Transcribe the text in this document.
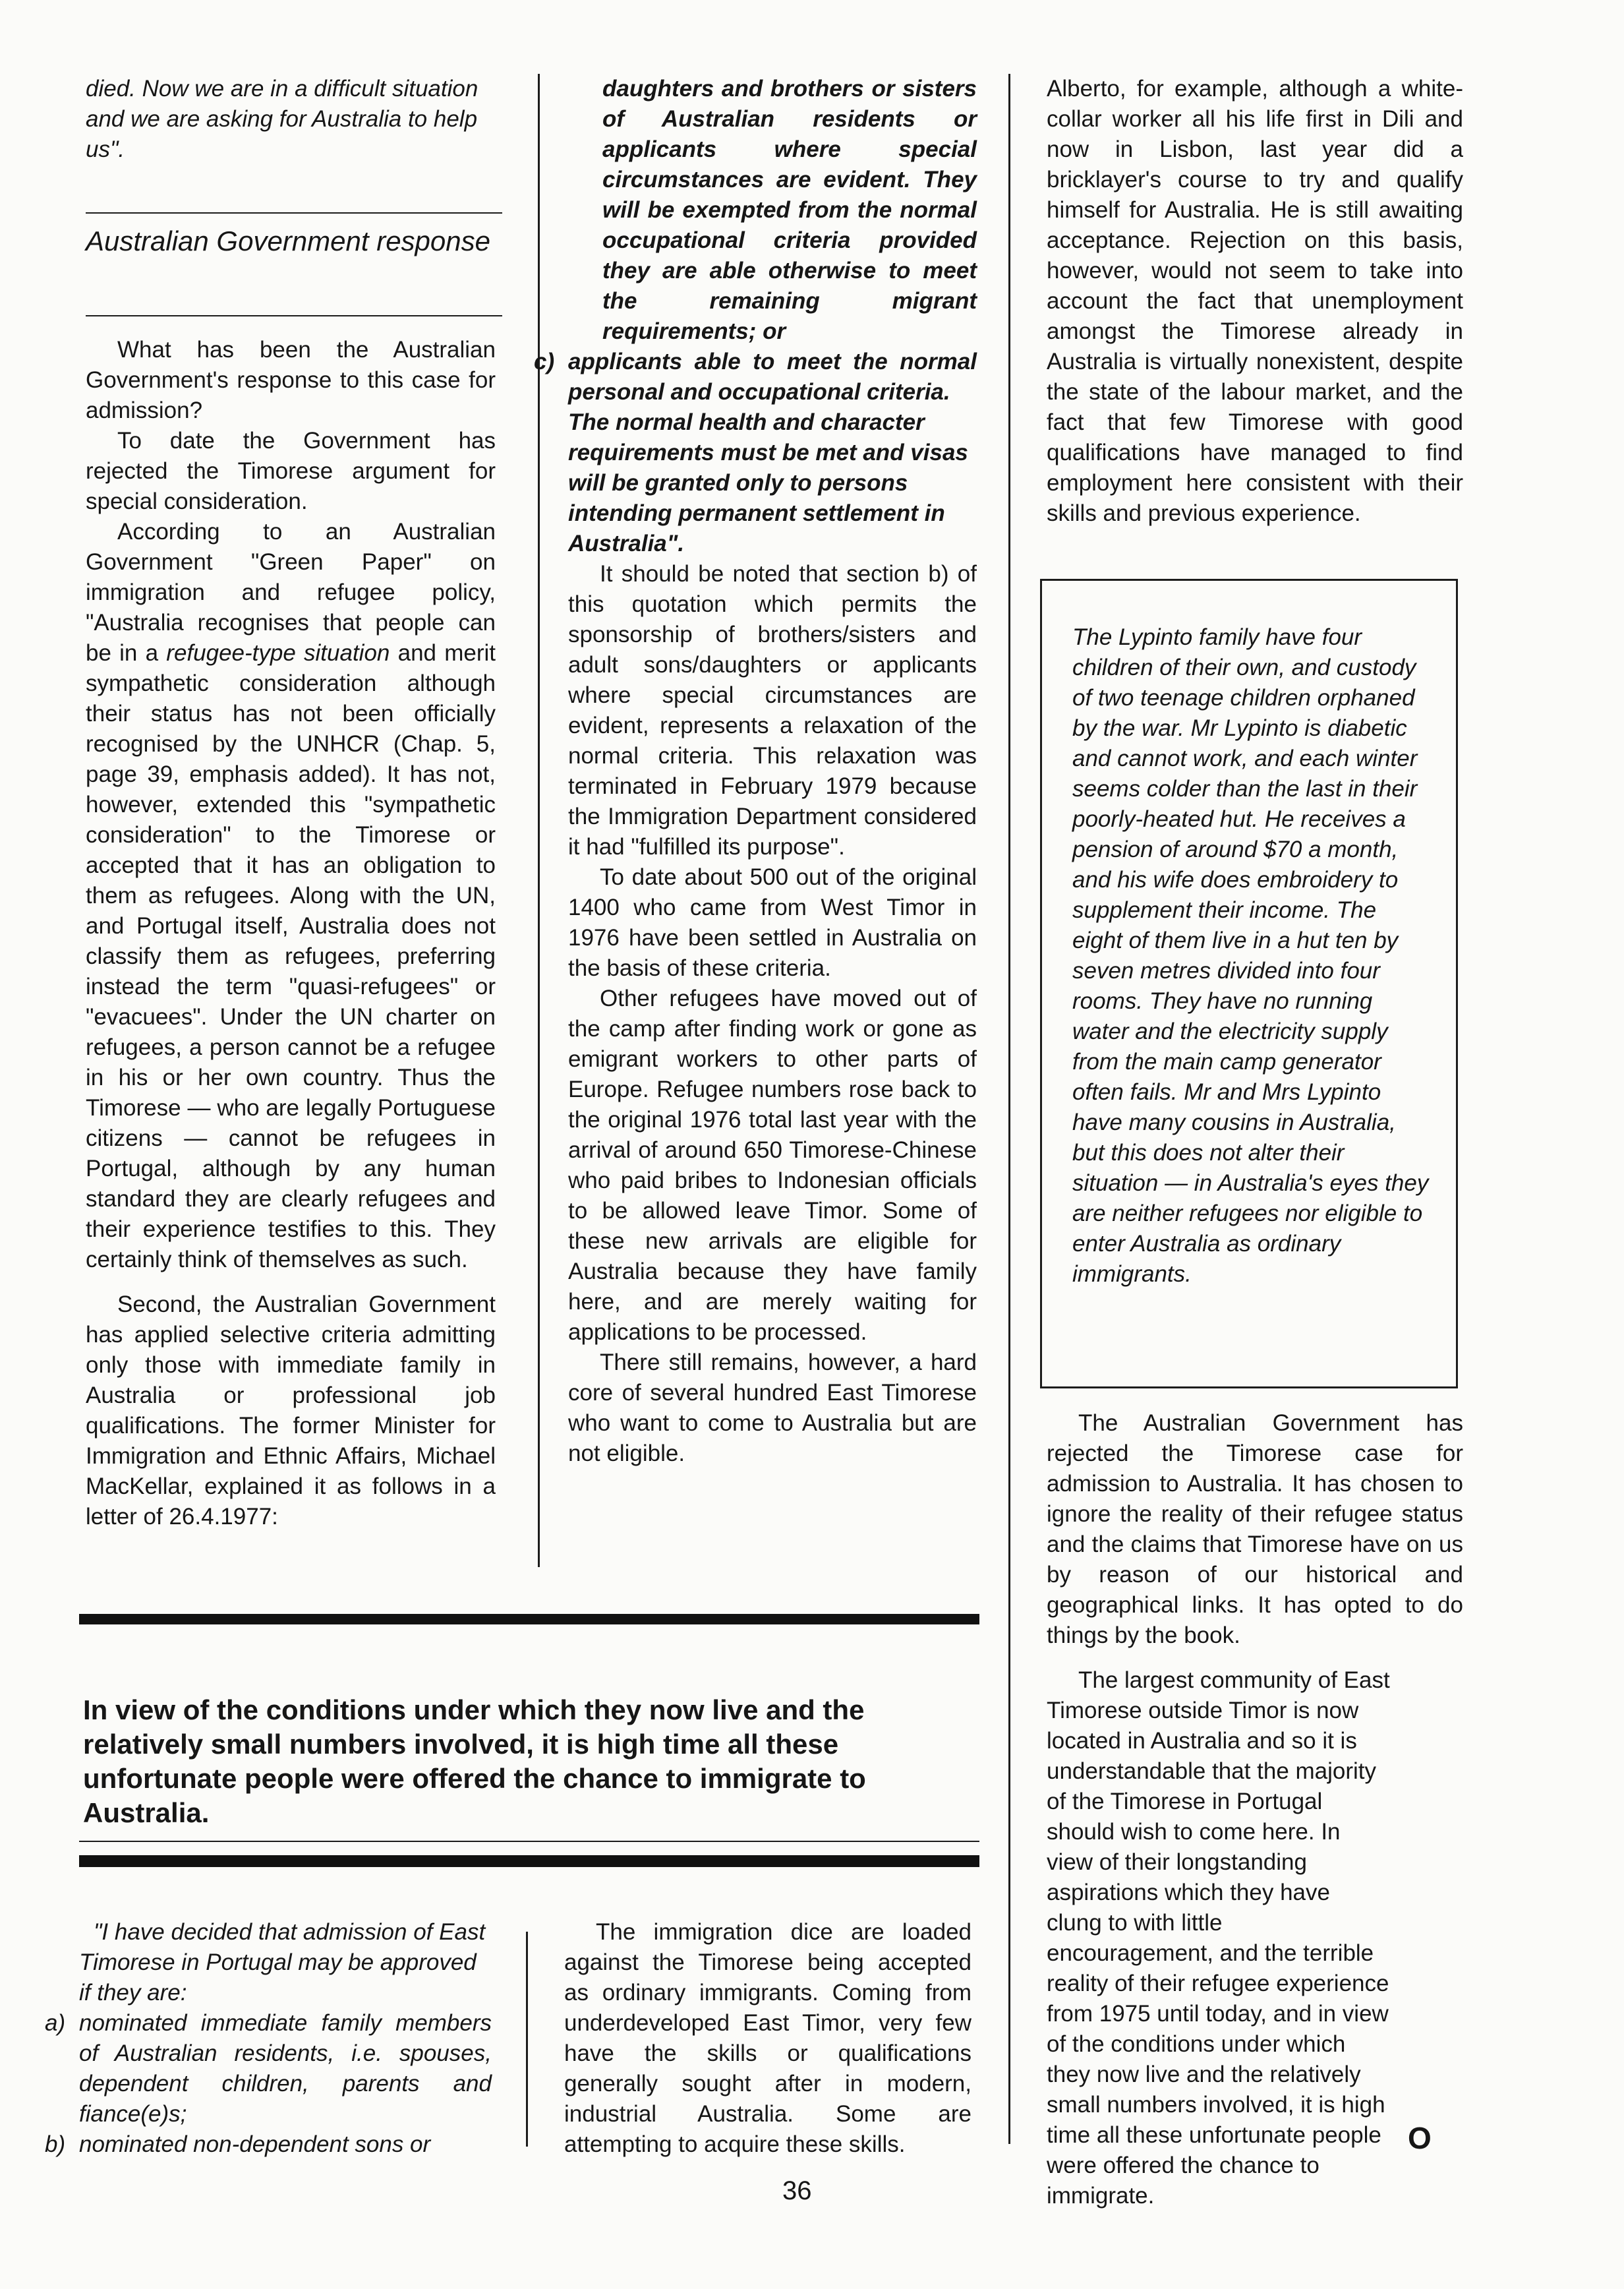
died. Now we are in a difficult situation and we are asking for Australia to help us".

Australian Government response

What has been the Australian Government's response to this case for admission?

To date the Government has rejected the Timorese argument for special consideration.

According to an Australian Government "Green Paper" on immigration and refugee policy, "Australia recognises that people can be in a refugee-type situation and merit sympathetic consideration although their status has not been officially recognised by the UNHCR (Chap. 5, page 39, emphasis added). It has not, however, extended this "sympathetic consideration" to the Timorese or accepted that it has an obligation to them as refugees. Along with the UN, and Portugal itself, Australia does not classify them as refugees, preferring instead the term "quasi-refugees" or "evacuees". Under the UN charter on refugees, a person cannot be a refugee in his or her own country. Thus the Timorese — who are legally Portuguese citizens — cannot be refugees in Portugal, although by any human standard they are clearly refugees and their experience testifies to this. They certainly think of themselves as such.

Second, the Australian Government has applied selective criteria admitting only those with immediate family in Australia or professional job qualifications. The former Minister for Immigration and Ethnic Affairs, Michael MacKellar, explained it as follows in a letter of 26.4.1977:

daughters and brothers or sisters of Australian residents or applicants where special circumstances are evident. They will be exempted from the normal occupational criteria provided they are able otherwise to meet the remaining migrant requirements; or

c) applicants able to meet the normal personal and occupational criteria.

The normal health and character requirements must be met and visas will be granted only to persons intending permanent settlement in Australia".

It should be noted that section b) of this quotation which permits the sponsorship of brothers/sisters and adult sons/daughters or applicants where special circumstances are evident, represents a relaxation of the normal criteria. This relaxation was terminated in February 1979 because the Immigration Department considered it had "fulfilled its purpose".

To date about 500 out of the original 1400 who came from West Timor in 1976 have been settled in Australia on the basis of these criteria.

Other refugees have moved out of the camp after finding work or gone as emigrant workers to other parts of Europe. Refugee numbers rose back to the original 1976 total last year with the arrival of around 650 Timorese-Chinese who paid bribes to Indonesian officials to be allowed leave Timor. Some of these new arrivals are eligible for Australia because they have family here, and are merely waiting for applications to be processed.

There still remains, however, a hard core of several hundred East Timorese who want to come to Australia but are not eligible.

Alberto, for example, although a white-collar worker all his life first in Dili and now in Lisbon, last year did a bricklayer's course to try and qualify himself for Australia. He is still awaiting acceptance. Rejection on this basis, however, would not seem to take into account the fact that unemployment amongst the Timorese already in Australia is virtually nonexistent, despite the state of the labour market, and the fact that few Timorese with good qualifications have managed to find employment here consistent with their skills and previous experience.

The Lypinto family have four children of their own, and custody of two teenage children orphaned by the war. Mr Lypinto is diabetic and cannot work, and each winter seems colder than the last in their poorly-heated hut. He receives a pension of around $70 a month, and his wife does embroidery to supplement their income. The eight of them live in a hut ten by seven metres divided into four rooms. They have no running water and the electricity supply from the main camp generator often fails. Mr and Mrs Lypinto have many cousins in Australia, but this does not alter their situation — in Australia's eyes they are neither refugees nor eligible to enter Australia as ordinary immigrants.

The Australian Government has rejected the Timorese case for admission to Australia. It has chosen to ignore the reality of their refugee status and the claims that Timorese have on us by reason of our historical and geographical links. It has opted to do things by the book.

The largest community of East Timorese outside Timor is now located in Australia and so it is understandable that the majority of the Timorese in Portugal should wish to come here. In view of their longstanding aspirations which they have clung to with little encouragement, and the terrible reality of their refugee experience from 1975 until today, and in view of the conditions under which they now live and the relatively small numbers involved, it is high time all these unfortunate people were offered the chance to immigrate.

O

In view of the conditions under which they now live and the relatively small numbers involved, it is high time all these unfortunate people were offered the chance to immigrate to Australia.

"I have decided that admission of East Timorese in Portugal may be approved if they are:

a) nominated immediate family members of Australian residents, i.e. spouses, dependent children, parents and fiance(e)s;

b) nominated non-dependent sons or

The immigration dice are loaded against the Timorese being accepted as ordinary immigrants. Coming from underdeveloped East Timor, very few have the skills or qualifications generally sought after in modern, industrial Australia. Some are attempting to acquire these skills.

36
